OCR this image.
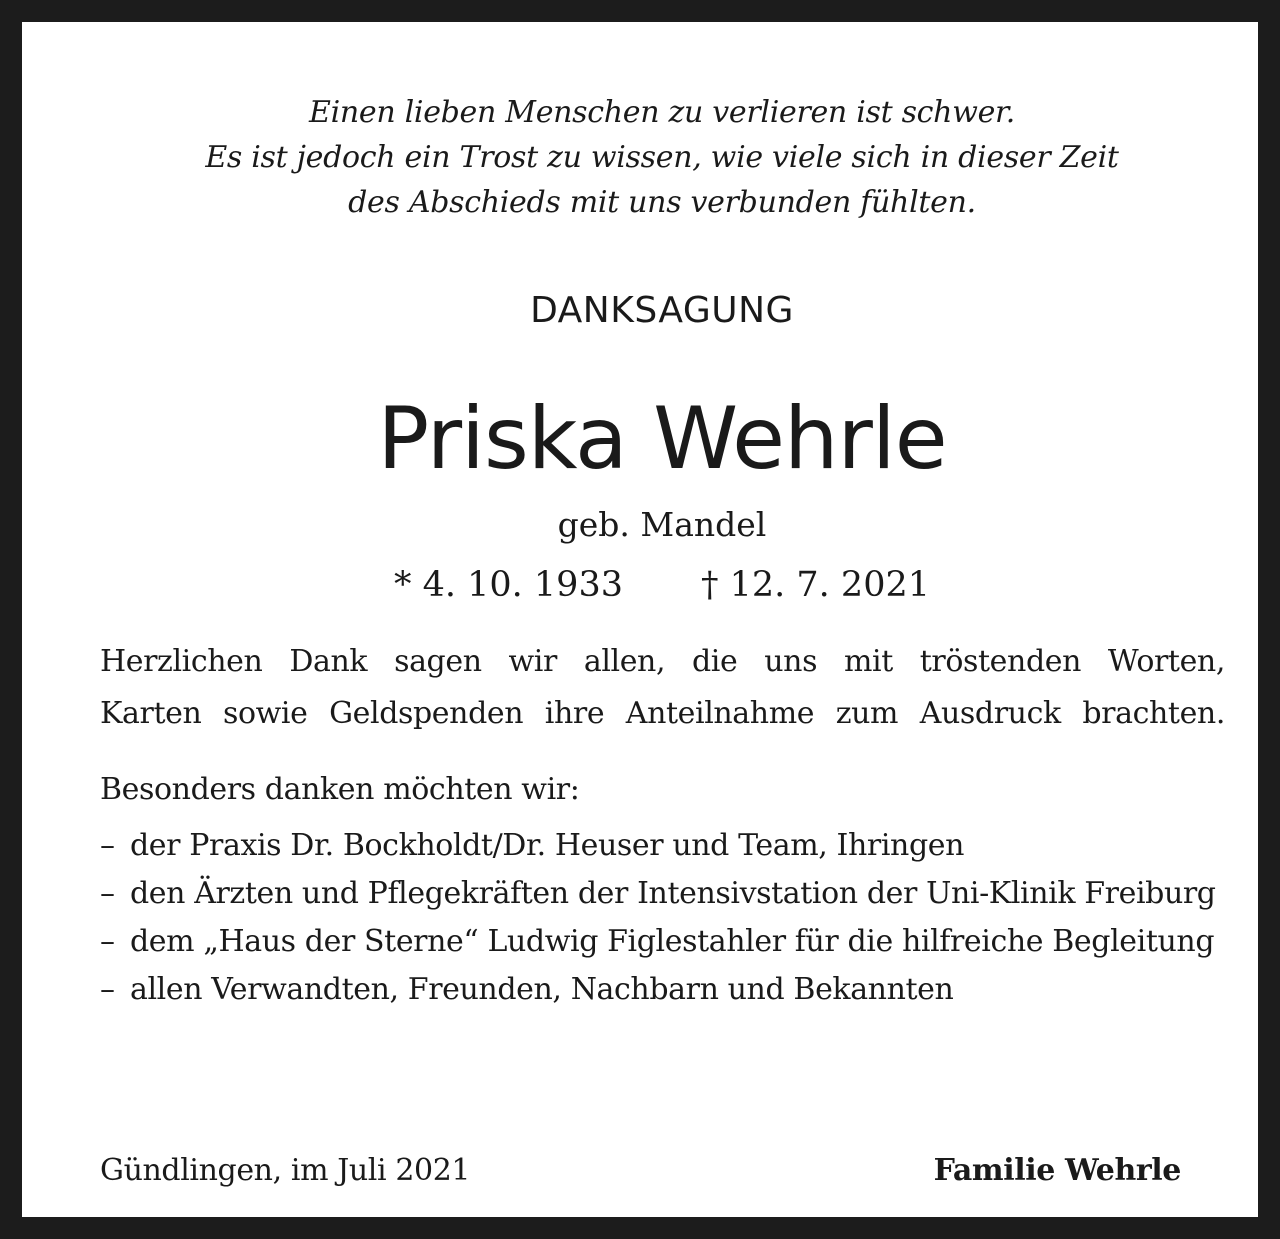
Einen lieben Menschen zu verlieren ist schwer.
Es ist jedoch ein Trost zu wissen, wie viele sich in dieser Zeit
des Abschieds mit uns verbunden fühlten.
DANKSAGUNG
Priska Wehrle
geb. Mandel
* 4. 10. 1933 † 12. 7. 2021
Herzlichen Dank sagen wir allen, die uns mit tröstenden Worten,
Karten sowie Geldspenden ihre Anteilnahme zum Ausdruck brachten.
Besonders danken möchten wir:
– der Praxis Dr. Bockholdt/Dr. Heuser und Team, Ihringen
– den Ärzten und Pflegekräften der Intensivstation der Uni-Klinik Freiburg
– dem „Haus der Sterne“ Ludwig Figlestahler für die hilfreiche Begleitung
– allen Verwandten, Freunden, Nachbarn und Bekannten
Gündlingen, im Juli 2021	Familie Wehrle
